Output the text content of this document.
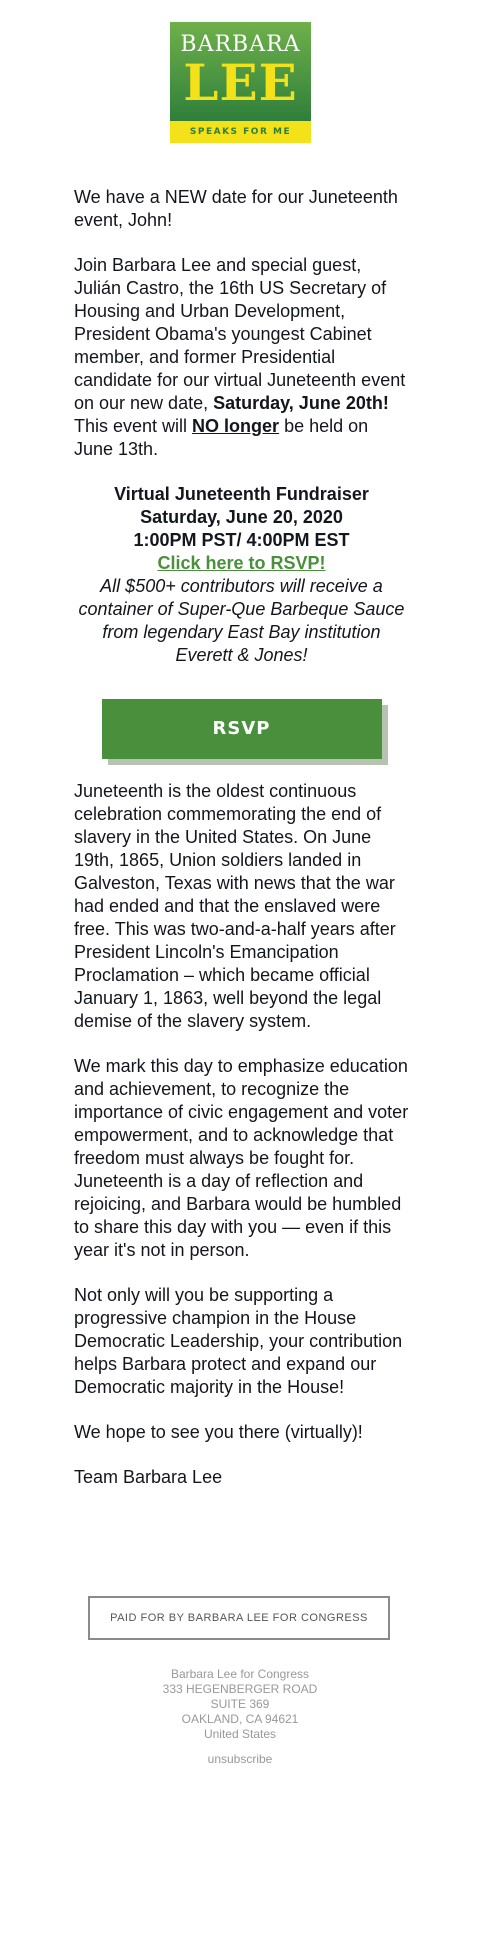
BARBARA
LEE
SPEAKS FOR ME

We have a NEW date for our Juneteenth event, John!

Join Barbara Lee and special guest, Julián Castro, the 16th US Secretary of Housing and Urban Development, President Obama's youngest Cabinet member, and former Presidential candidate for our virtual Juneteenth event on our new date, Saturday, June 20th! This event will NO longer be held on June 13th.

Virtual Juneteenth Fundraiser
Saturday, June 20, 2020
1:00PM PST/ 4:00PM EST
Click here to RSVP!
All $500+ contributors will receive a container of Super-Que Barbeque Sauce from legendary East Bay institution Everett & Jones!
RSVP

Juneteenth is the oldest continuous celebration commemorating the end of slavery in the United States. On June 19th, 1865, Union soldiers landed in Galveston, Texas with news that the war had ended and that the enslaved were free. This was two-and-a-half years after President Lincoln's Emancipation Proclamation – which became official January 1, 1863, well beyond the legal demise of the slavery system.

We mark this day to emphasize education and achievement, to recognize the importance of civic engagement and voter empowerment, and to acknowledge that freedom must always be fought for. Juneteenth is a day of reflection and rejoicing, and Barbara would be humbled to share this day with you — even if this year it's not in person.

Not only will you be supporting a progressive champion in the House Democratic Leadership, your contribution helps Barbara protect and expand our Democratic majority in the House!

We hope to see you there (virtually)!

Team Barbara Lee

PAID FOR BY BARBARA LEE FOR CONGRESS
Barbara Lee for Congress
333 HEGENBERGER ROAD
SUITE 369
OAKLAND, CA 94621
United States
unsubscribe
